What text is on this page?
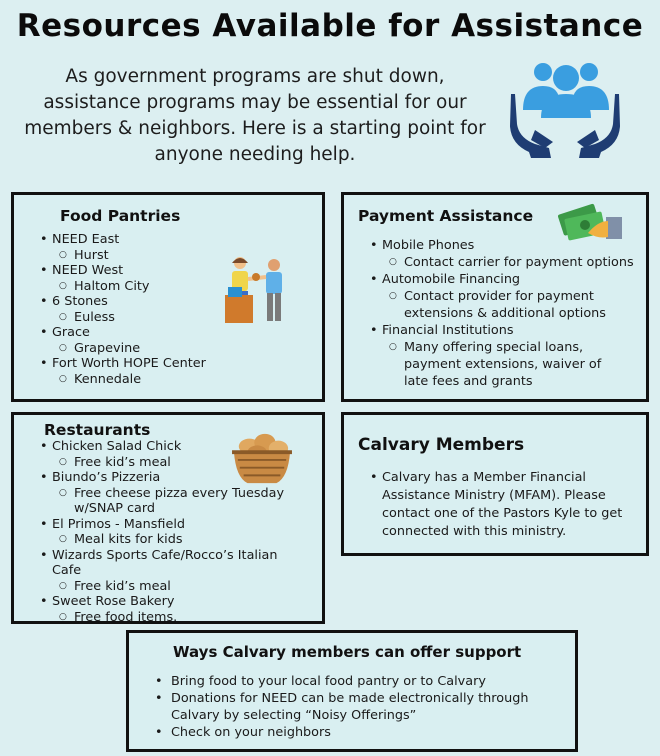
Resources Available for Assistance
As government programs are shut down, assistance programs may be essential for our members & neighbors. Here is a starting point for anyone needing help.
Food Pantries
• NEED East
○ Hurst
• NEED West
○ Haltom City
• 6 Stones
○ Euless
• Grace
○ Grapevine
• Fort Worth HOPE Center
○ Kennedale
Payment Assistance
• Mobile Phones
○ Contact carrier for payment options
• Automobile Financing
○ Contact provider for payment extensions & additional options
• Financial Institutions
○ Many offering special loans, payment extensions, waiver of late fees and grants
Restaurants
• Chicken Salad Chick
○ Free kid’s meal
• Biundo’s Pizzeria
○ Free cheese pizza every Tuesday w/SNAP card
• El Primos - Mansfield
○ Meal kits for kids
• Wizards Sports Cafe/Rocco’s Italian Cafe
○ Free kid’s meal
• Sweet Rose Bakery
○ Free food items.
Calvary Members
• Calvary has a Member Financial Assistance Ministry (MFAM). Please contact one of the Pastors Kyle to get connected with this ministry.
Ways Calvary members can offer support
• Bring food to your local food pantry or to Calvary
• Donations for NEED can be made electronically through Calvary by selecting “Noisy Offerings”
• Check on your neighbors
